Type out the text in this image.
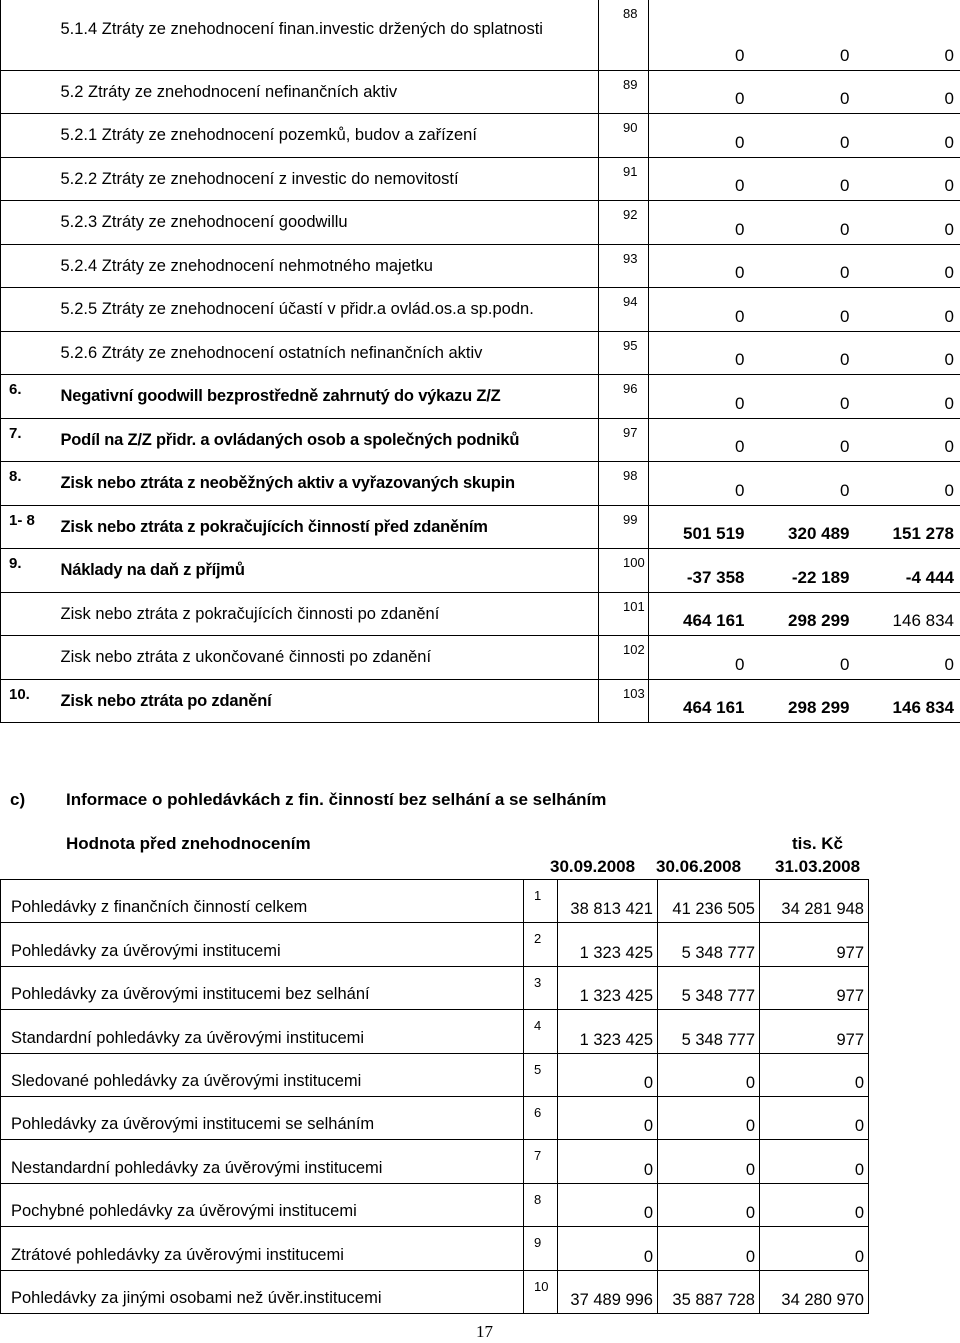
	5.1.4 Ztráty ze znehodnocení finan.investic držených do splatnosti	88	0	0	0
	5.2 Ztráty ze znehodnocení nefinančních aktiv	89	0	0	0
	5.2.1 Ztráty ze znehodnocení pozemků, budov a zařízení	90	0	0	0
	5.2.2 Ztráty ze znehodnocení z investic do nemovitostí	91	0	0	0
	5.2.3 Ztráty ze znehodnocení goodwillu	92	0	0	0
	5.2.4 Ztráty ze znehodnocení nehmotného majetku	93	0	0	0
	5.2.5 Ztráty ze znehodnocení účastí v přidr.a ovlád.os.a sp.podn.	94	0	0	0
	5.2.6 Ztráty ze znehodnocení ostatních nefinančních aktiv	95	0	0	0
6.	Negativní goodwill bezprostředně zahrnutý do výkazu Z/Z	96	0	0	0
7.	Podíl na Z/Z přidr. a ovládaných osob a společných podniků	97	0	0	0
8.	Zisk nebo ztráta z neoběžných aktiv a vyřazovaných skupin	98	0	0	0
1- 8	Zisk nebo ztráta z pokračujících činností před zdaněním	99	501 519	320 489	151 278
9.	Náklady na daň z příjmů	100	-37 358	-22 189	-4 444
	Zisk nebo ztráta z pokračujících činnosti po zdanění	101	464 161	298 299	146 834
	Zisk nebo ztráta z ukončované činnosti po zdanění	102	0	0	0
10.	Zisk nebo ztráta po zdanění	103	464 161	298 299	146 834
c) Informace o pohledávkách z fin. činností bez selhání a se selháním
Hodnota před znehodnocením	tis. Kč
30.09.2008 30.06.2008 31.03.2008
Pohledávky z finančních činností celkem	1	38 813 421	41 236 505	34 281 948
Pohledávky za úvěrovými institucemi	2	1 323 425	5 348 777	977
Pohledávky za úvěrovými institucemi bez selhání	3	1 323 425	5 348 777	977
Standardní pohledávky za úvěrovými institucemi	4	1 323 425	5 348 777	977
Sledované pohledávky za úvěrovými institucemi	5	0	0	0
Pohledávky za úvěrovými institucemi se selháním	6	0	0	0
Nestandardní pohledávky za úvěrovými institucemi	7	0	0	0
Pochybné pohledávky za úvěrovými institucemi	8	0	0	0
Ztrátové pohledávky za úvěrovými institucemi	9	0	0	0
Pohledávky za jinými osobami než úvěr.institucemi	10	37 489 996	35 887 728	34 280 970
17
